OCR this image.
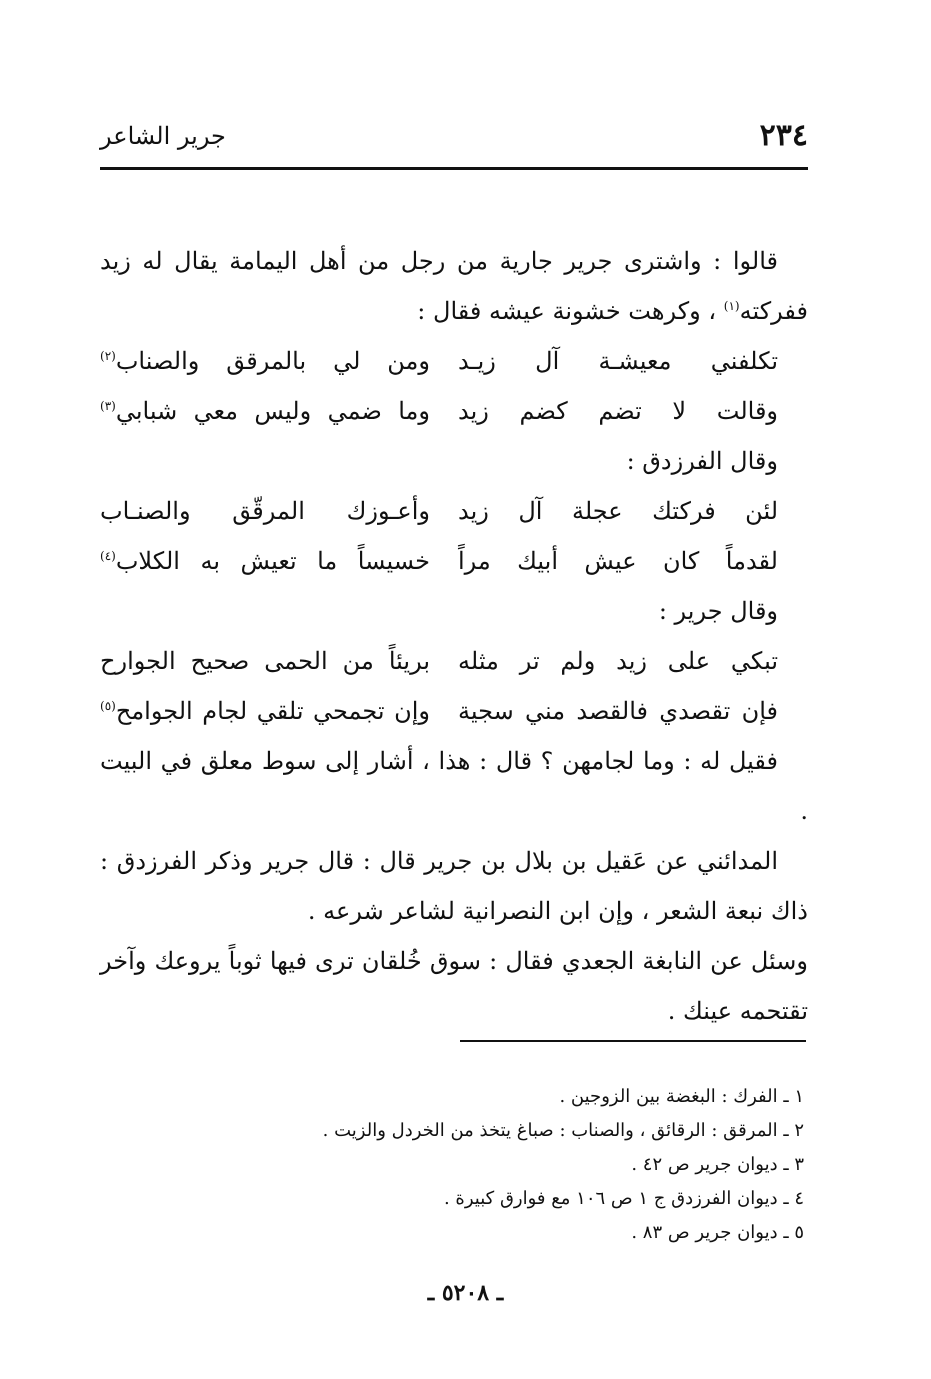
٢٣٤
جرير الشاعر

قالوا : واشترى جرير جارية من رجل من أهل اليمامة يقال له زيد ففركته$^{(١)}$ ، وكرهت خشونة عيشه فقال :

تكلفني معيشـة آل زيـد
ومن لي بالمرقق والصناب$^{(٢)}$
وقالت لا تضم كضم زيد
وما ضمي وليس معي شبابي$^{(٣)}$

وقال الفرزدق :

لئن فركتك عجلة آل زيد
وأعـوزك المرقّق والصنـاب
لقدماً كان عيش أبيك مراً
خسيساً ما تعيش به الكلاب$^{(٤)}$

وقال جرير :

تبكي على زيد ولم تر مثله
بريئاً من الحمى صحيح الجوارح
فإن تقصدي فالقصد مني سجية
وإن تجمحي تلقي لجام الجوامح$^{(٥)}$

فقيل له : وما لجامهن ؟ قال : هذا ، أشار إلى سوط معلق في البيت .

المدائني عن عَقيل بن بلال بن جرير قال : قال جرير وذكر الفرزدق : ذاك نبعة الشعر ، وإن ابن النصرانية لشاعر شرعه .

وسئل عن النابغة الجعدي فقال : سوق خُلقان ترى فيها ثوباً يروعك وآخر تقتحمه عينك .

١ ـ الفرك : البغضة بين الزوجين .

٢ ـ المرقق : الرقائق ، والصناب : صباغ يتخذ من الخردل والزيت .

٣ ـ ديوان جرير ص ٤٢ .

٤ ـ ديوان الفرزدق ج ١ ص ١٠٦ مع فوارق كبيرة .

٥ ـ ديوان جرير ص ٨٣ .

ـ ٥٢٠٨ ـ
